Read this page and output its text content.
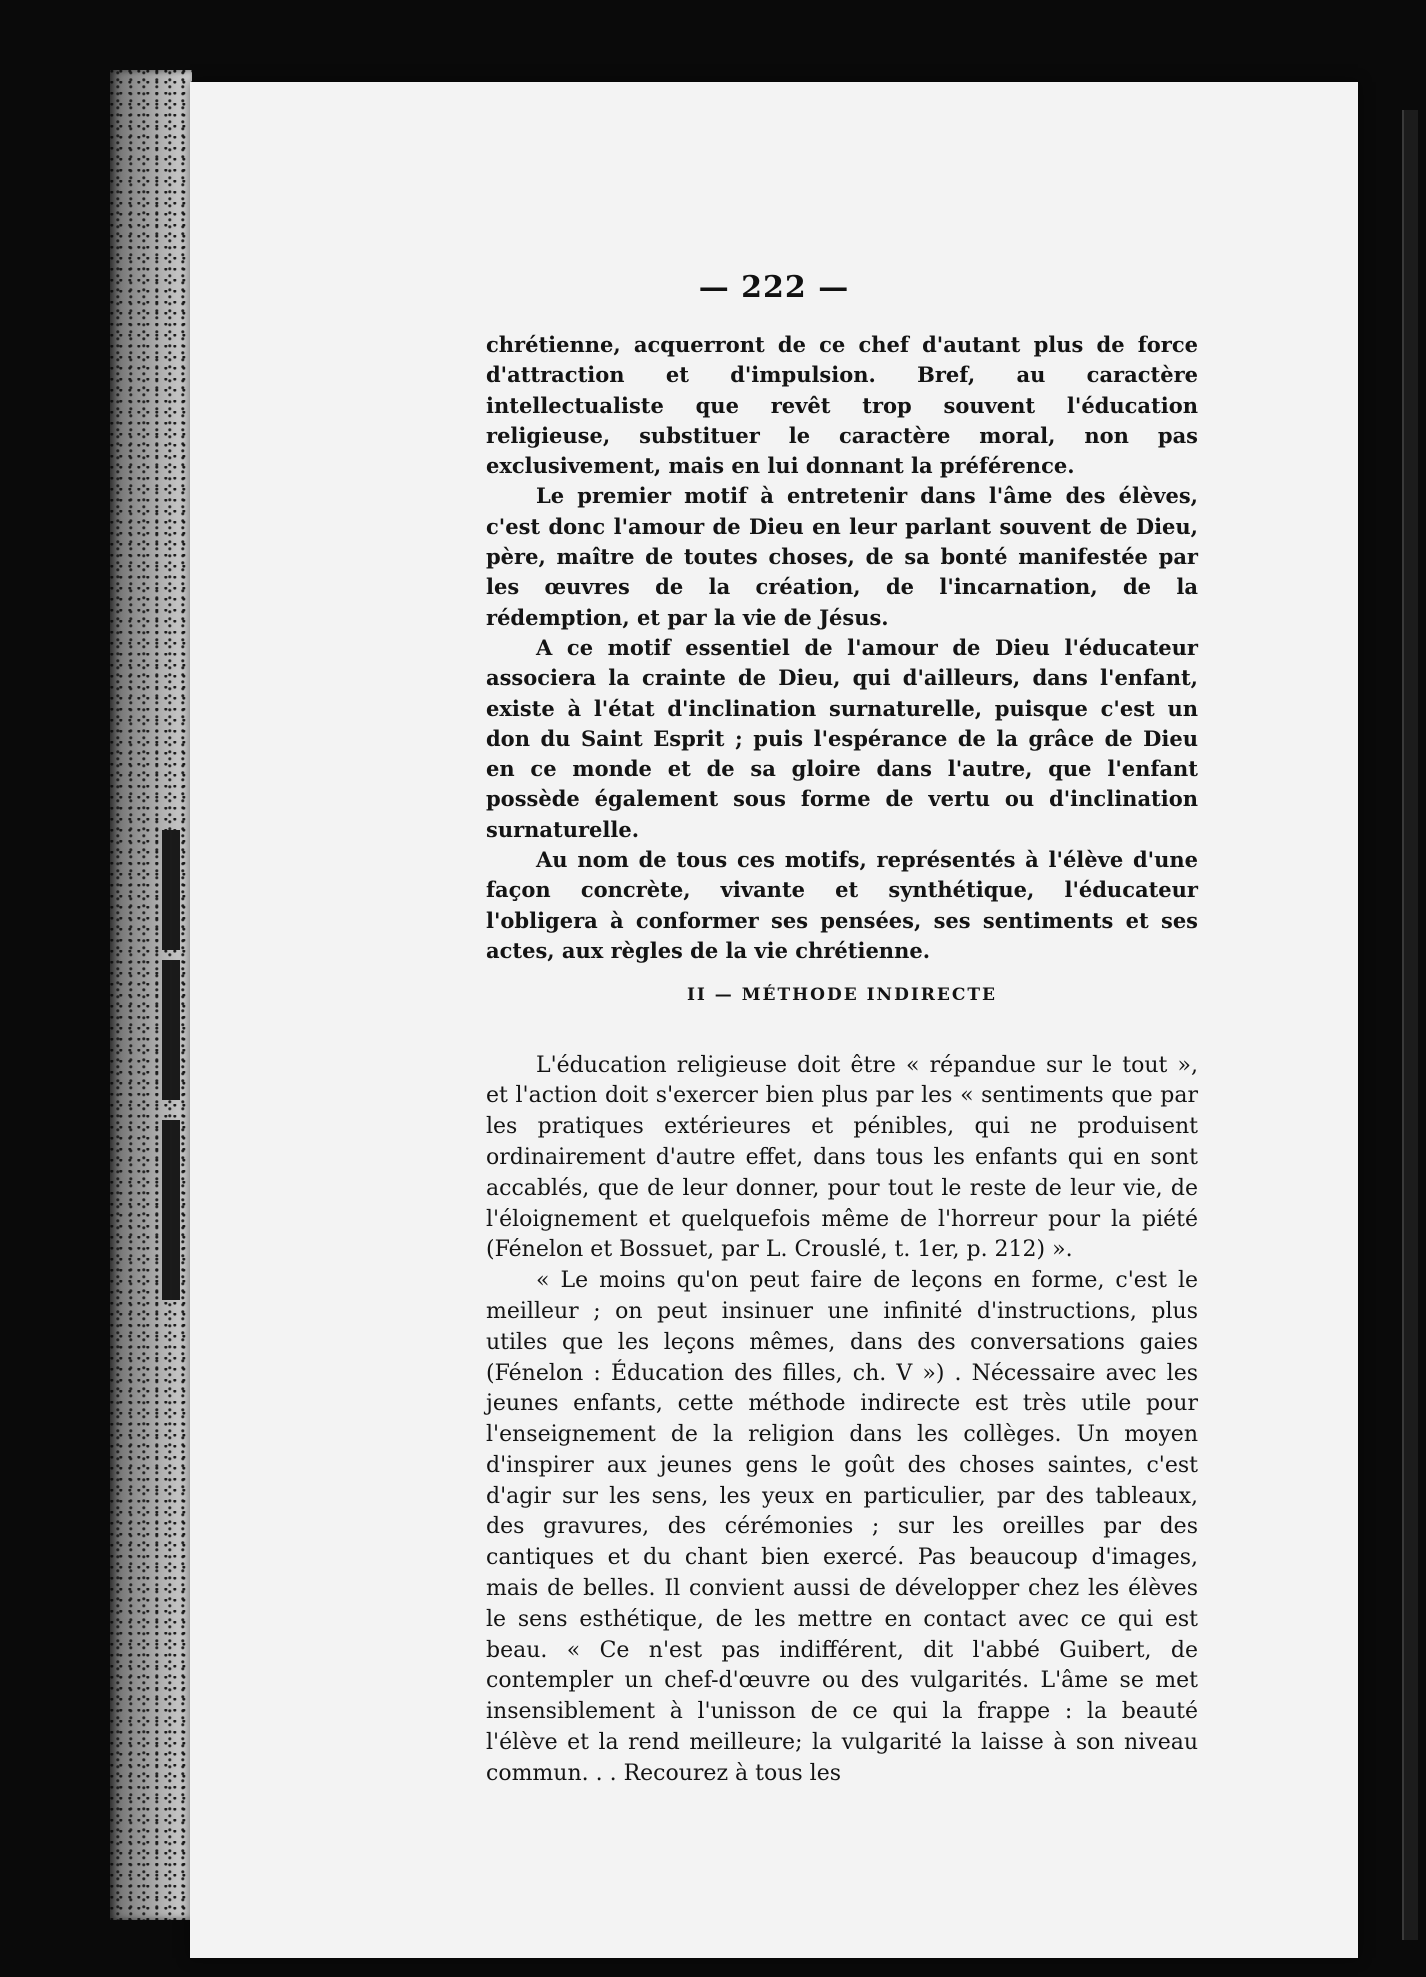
— 222 —

chrétienne, acquerront de ce chef d'autant plus de force d'attraction et d'impulsion. Bref, au caractère intellectualiste que revêt trop souvent l'éducation religieuse, substituer le caractère moral, non pas exclusivement, mais en lui donnant la préférence.

Le premier motif à entretenir dans l'âme des élèves, c'est donc l'amour de Dieu en leur parlant souvent de Dieu, père, maître de toutes choses, de sa bonté manifestée par les œuvres de la création, de l'incarnation, de la rédemption, et par la vie de Jésus.

A ce motif essentiel de l'amour de Dieu l'éducateur associera la crainte de Dieu, qui d'ailleurs, dans l'enfant, existe à l'état d'inclination surnaturelle, puisque c'est un don du Saint Esprit ; puis l'espérance de la grâce de Dieu en ce monde et de sa gloire dans l'autre, que l'enfant possède également sous forme de vertu ou d'inclination surnaturelle.

Au nom de tous ces motifs, représentés à l'élève d'une façon concrète, vivante et synthétique, l'éducateur l'obligera à conformer ses pensées, ses sentiments et ses actes, aux règles de la vie chrétienne.

II — MÉTHODE INDIRECTE

L'éducation religieuse doit être « répandue sur le tout », et l'action doit s'exercer bien plus par les « sentiments que par les pratiques extérieures et pénibles, qui ne produisent ordinairement d'autre effet, dans tous les enfants qui en sont accablés, que de leur donner, pour tout le reste de leur vie, de l'éloignement et quelquefois même de l'horreur pour la piété (Fénelon et Bossuet, par L. Crouslé, t. 1er, p. 212) ».

« Le moins qu'on peut faire de leçons en forme, c'est le meilleur ; on peut insinuer une infinité d'instructions, plus utiles que les leçons mêmes, dans des conversations gaies (Fénelon : Éducation des filles, ch. V ») . Nécessaire avec les jeunes enfants, cette méthode indirecte est très utile pour l'enseignement de la religion dans les collèges. Un moyen d'inspirer aux jeunes gens le goût des choses saintes, c'est d'agir sur les sens, les yeux en particulier, par des tableaux, des gravures, des cérémonies ; sur les oreilles par des cantiques et du chant bien exercé. Pas beaucoup d'images, mais de belles. Il convient aussi de développer chez les élèves le sens esthétique, de les mettre en contact avec ce qui est beau. « Ce n'est pas indifférent, dit l'abbé Guibert, de contempler un chef-d'œuvre ou des vulgarités. L'âme se met insensiblement à l'unisson de ce qui la frappe : la beauté l'élève et la rend meilleure; la vulgarité la laisse à son niveau commun. . . Recourez à tous les
